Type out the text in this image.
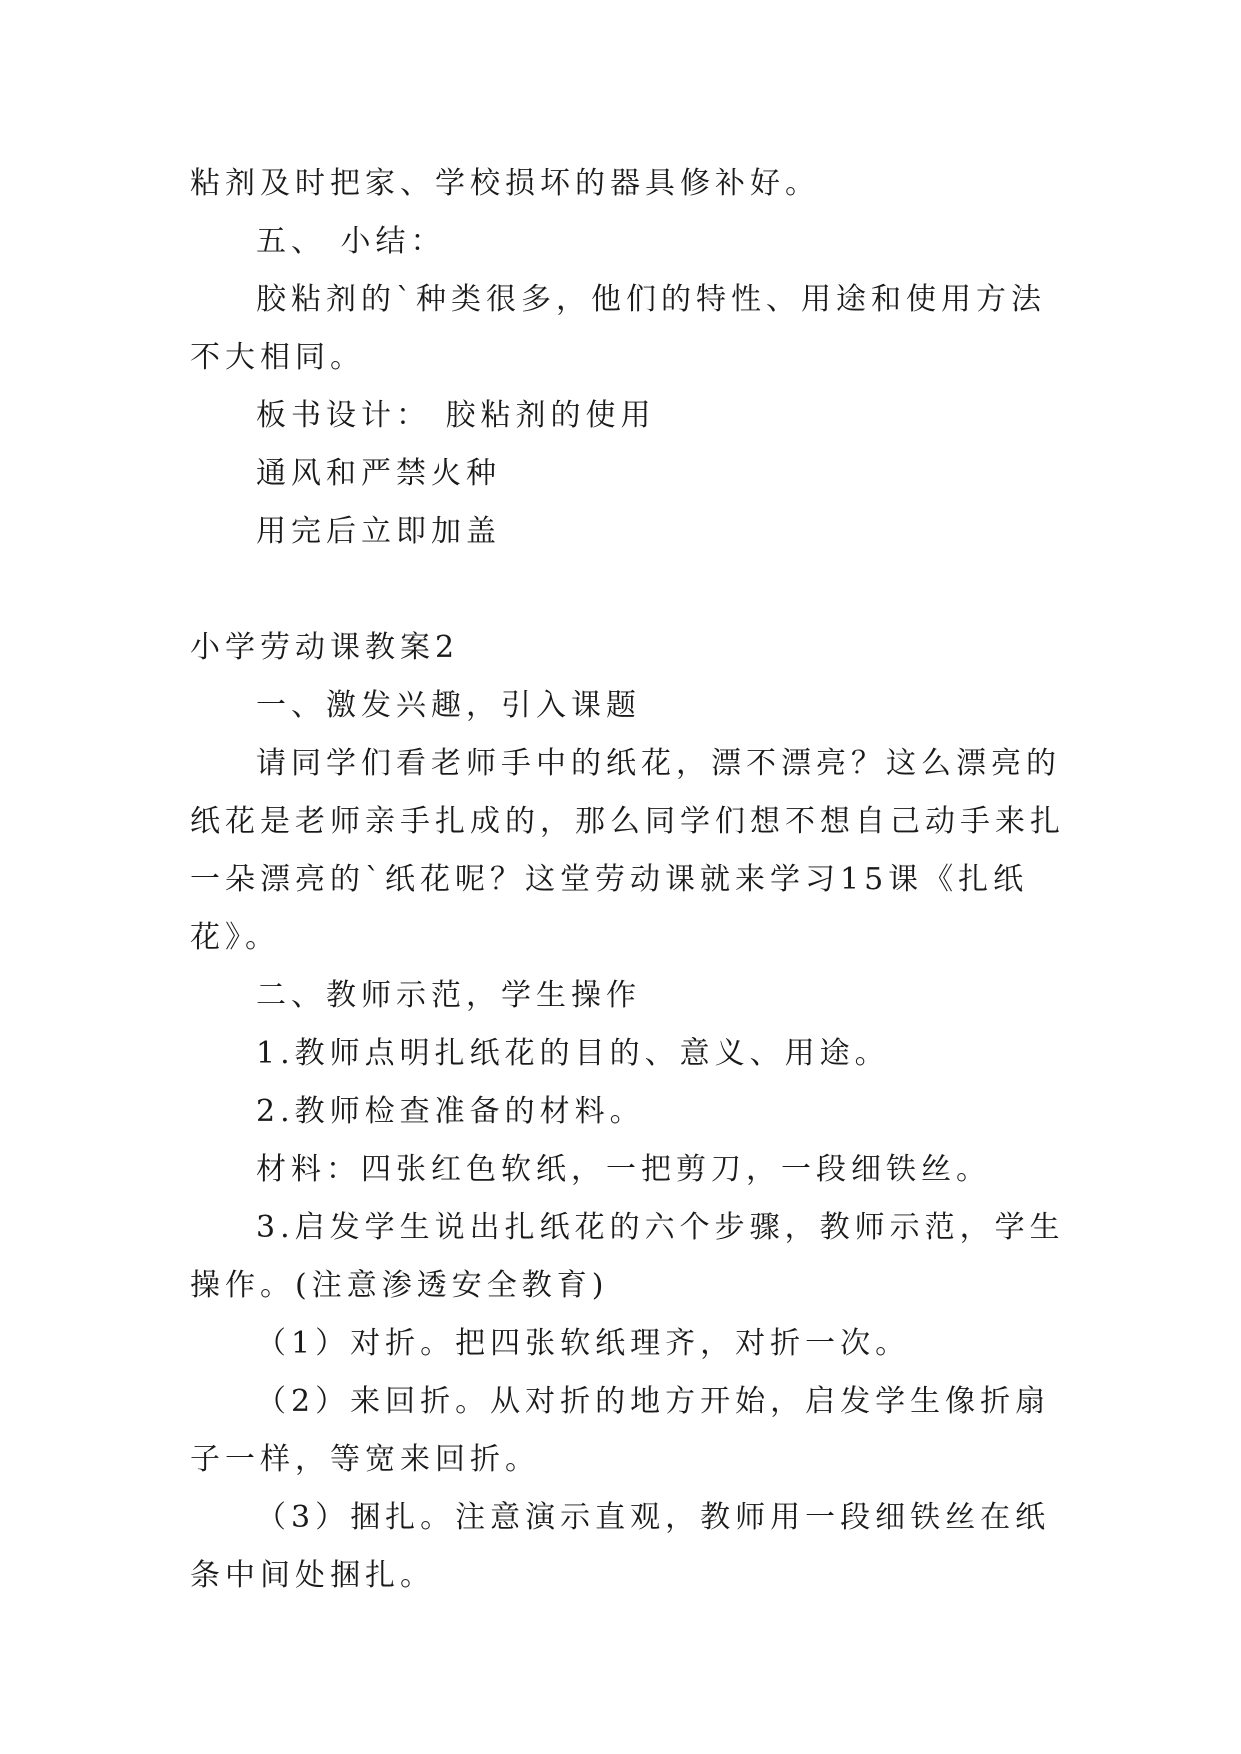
粘剂及时把家、学校损坏的器具修补好。

五、 小结：

胶粘剂的`种类很多，他们的特性、用途和使用方法不大相同。

板书设计： 胶粘剂的使用

通风和严禁火种

用完后立即加盖

小学劳动课教案2

一、激发兴趣，引入课题

请同学们看老师手中的纸花，漂不漂亮？这么漂亮的纸花是老师亲手扎成的，那么同学们想不想自己动手来扎一朵漂亮的`纸花呢？这堂劳动课就来学习15课《扎纸花》。

二、教师示范，学生操作

1.教师点明扎纸花的目的、意义、用途。

2.教师检查准备的材料。

材料：四张红色软纸，一把剪刀，一段细铁丝。

3.启发学生说出扎纸花的六个步骤，教师示范，学生操作。(注意渗透安全教育)

（1）对折。把四张软纸理齐，对折一次。

（2）来回折。从对折的地方开始，启发学生像折扇子一样，等宽来回折。

（3）捆扎。注意演示直观，教师用一段细铁丝在纸条中间处捆扎。
